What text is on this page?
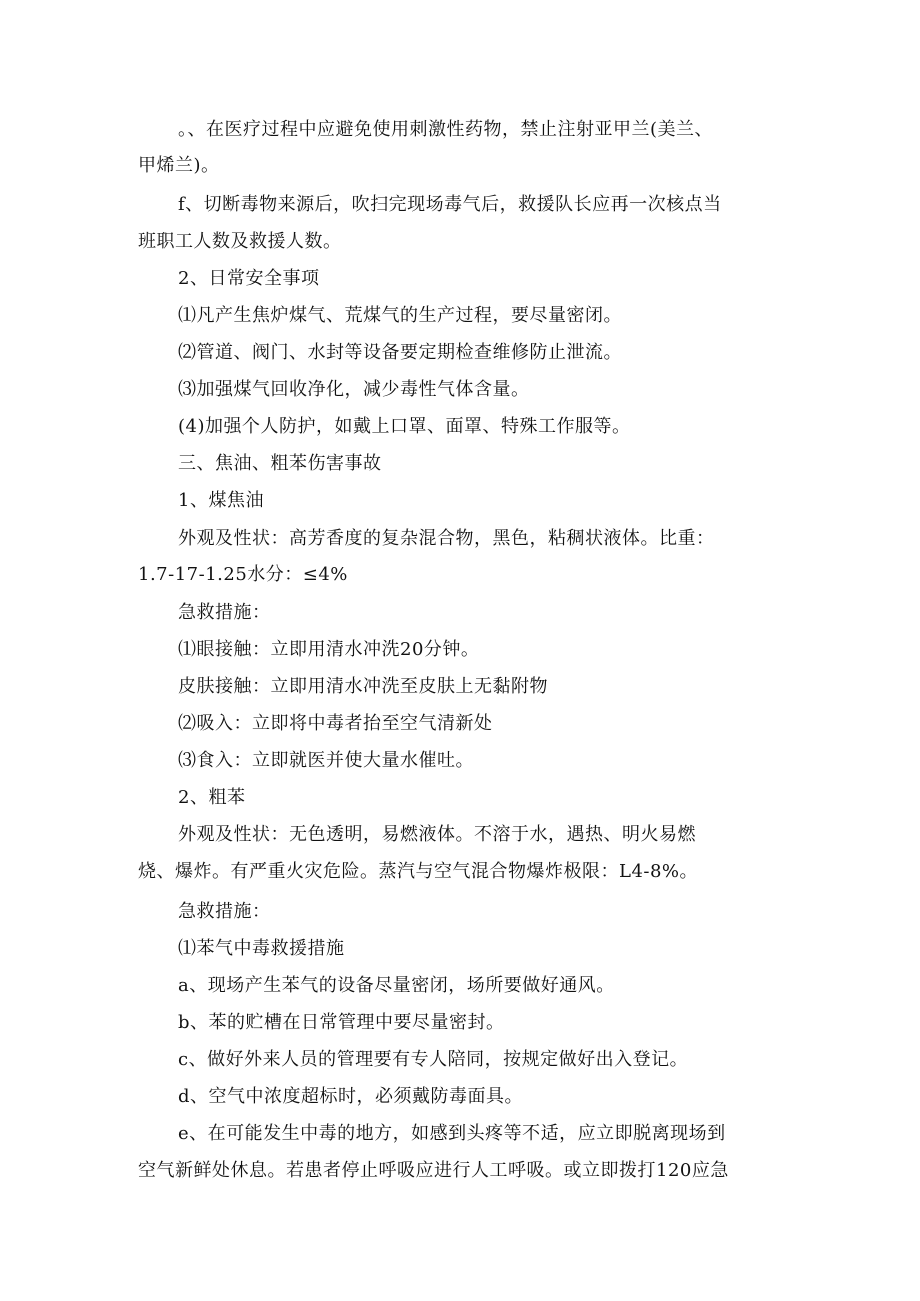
。、在医疗过程中应避免使用刺激性药物，禁止注射亚甲兰(美兰、
甲烯兰)。
f、切断毒物来源后，吹扫完现场毒气后，救援队长应再一次核点当
班职工人数及救援人数。
2、日常安全事项
⑴凡产生焦炉煤气、荒煤气的生产过程，要尽量密闭。
⑵管道、阀门、水封等设备要定期检查维修防止泄流。
⑶加强煤气回收净化，减少毒性气体含量。
(4)加强个人防护，如戴上口罩、面罩、特殊工作服等。
三、焦油、粗苯伤害事故
1、煤焦油
外观及性状：高芳香度的复杂混合物，黑色，粘稠状液体。比重：
1.7-17-1.25水分：≤4%
急救措施：
⑴眼接触：立即用清水冲洗20分钟。
皮肤接触：立即用清水冲洗至皮肤上无黏附物
⑵吸入：立即将中毒者抬至空气清新处
⑶食入：立即就医并使大量水催吐。
2、粗苯
外观及性状：无色透明，易燃液体。不溶于水，遇热、明火易燃
烧、爆炸。有严重火灾危险。蒸汽与空气混合物爆炸极限：L4-8%。
急救措施：
⑴苯气中毒救援措施
a、现场产生苯气的设备尽量密闭，场所要做好通风。
b、苯的贮槽在日常管理中要尽量密封。
c、做好外来人员的管理要有专人陪同，按规定做好出入登记。
d、空气中浓度超标时，必须戴防毒面具。
e、在可能发生中毒的地方，如感到头疼等不适，应立即脱离现场到
空气新鲜处休息。若患者停止呼吸应进行人工呼吸。或立即拨打120应急
